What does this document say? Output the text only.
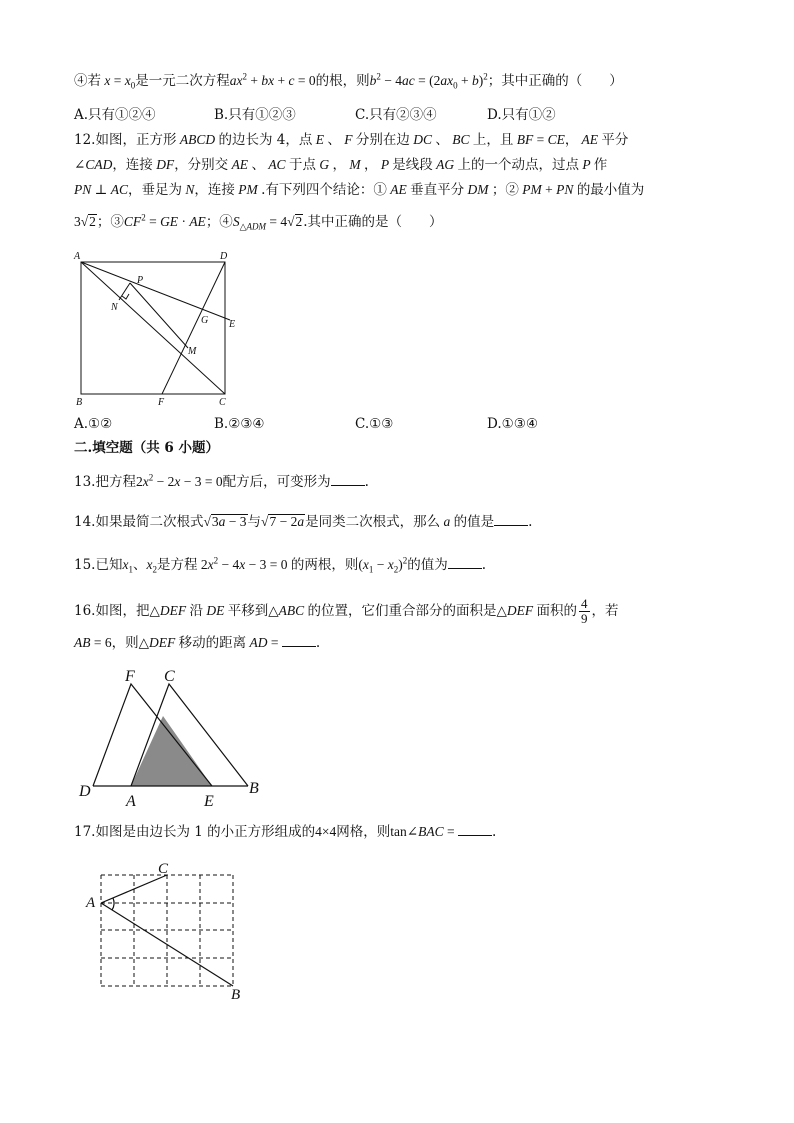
④若 $x = x_0$是一元二次方程$ax^2$ + bx + c = 0的根，则$b^2 - 4ac = (2ax_0 + b)^2$；其中正确的（　　）
A.只有①②④	B.只有①②③	C.只有②③④	D.只有①②
12.如图，正方形 ABCD 的边长为 4，点 E 、 F 分别在边 DC 、 BC 上，且 BF = CE， AE 平分
∠CAD，连接 DF，分别交 AE 、 AC 于点 G ， M ， P 是线段 AG 上的一个动点，过点 P 作
PN ⊥ AC，垂足为 N，连接 PM .有下列四个结论：① AE 垂直平分 DM ；② PM + PN 的最小值为
3√2；$③CF^2$ = GE · AE；$④S_{\triangle ADM} = 4√2$.其中正确的是（　　）
A	D
B	C
E
F
G
M
N
P
A.①②	B.②③④	C.①③	D.①③④
二.填空题（共 6 小题）
13.把方程$2x^2 - 2x - 3 = 0$配方后，可变形为	.
14.如果最简二次根式√3a − 3与√7 − 2a是同类二次根式，那么 a 的值是	.
15.已知$x_1$、$x_2$是方程 $2x^2 - 4x - 3 = 0$ 的两根，则$(x_1 - x_2)^2$的值为	.
16.如图，把△DEF 沿 DE 平移到△ABC 的位置，它们重合部分的面积是△DEF 面积的 $\frac{4}{9}$ ，若
AB = 6，则△DEF 移动的距离 AD =	.
F C
D
A	E
B
17.如图是由边长为 1 的小正方形组成的4×4网格，则tan∠BAC =	.
A
C
B
